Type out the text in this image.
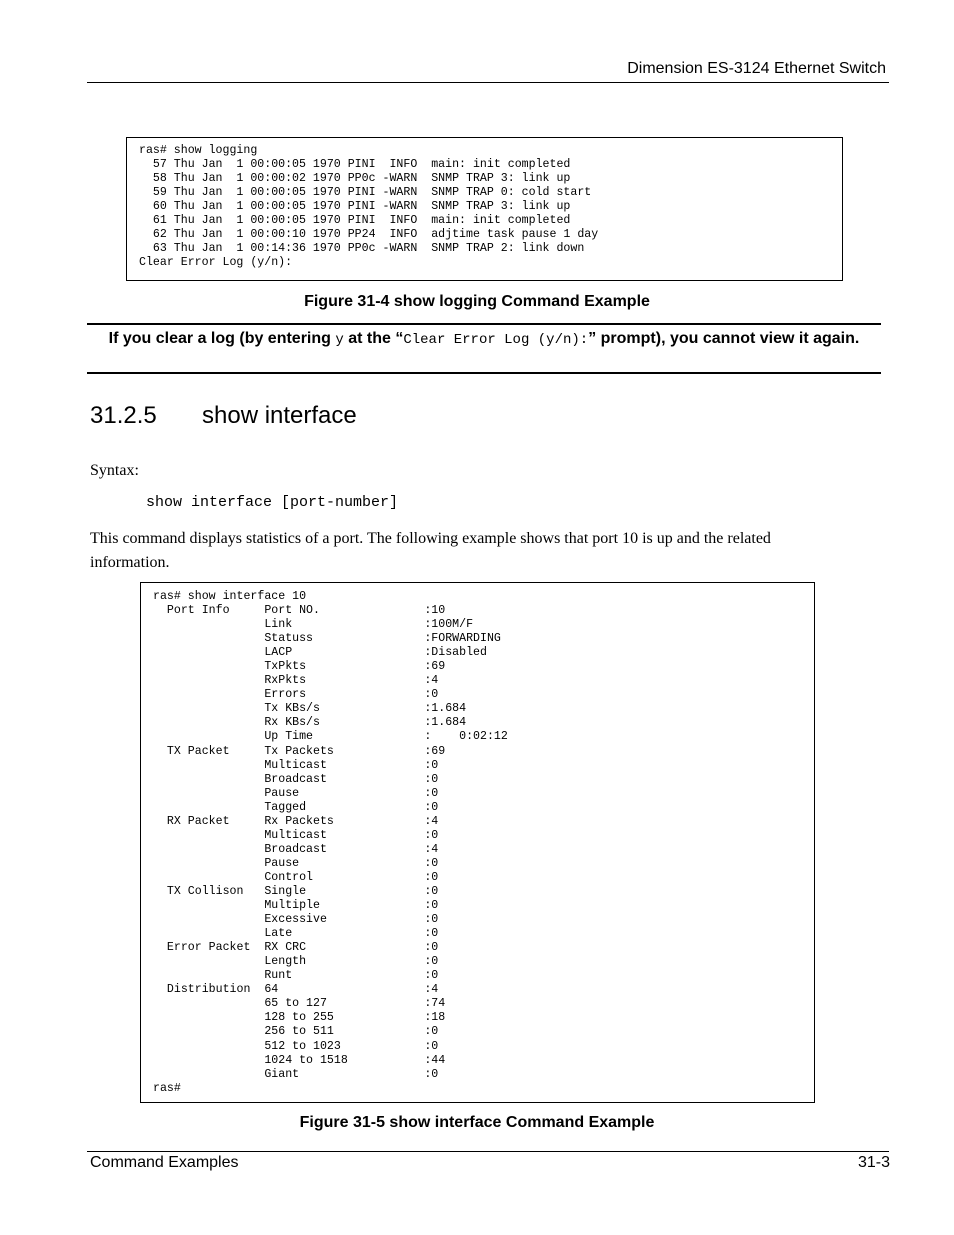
Dimension ES-3124 Ethernet Switch
ras# show logging
57 Thu Jan  1 00:00:05 1970 PINI  INFO  main: init completed
58 Thu Jan  1 00:00:02 1970 PP0c -WARN  SNMP TRAP 3: link up
59 Thu Jan  1 00:00:05 1970 PINI -WARN  SNMP TRAP 0: cold start
60 Thu Jan  1 00:00:05 1970 PINI -WARN  SNMP TRAP 3: link up
61 Thu Jan  1 00:00:05 1970 PINI  INFO  main: init completed
62 Thu Jan  1 00:00:10 1970 PP24  INFO  adjtime task pause 1 day
63 Thu Jan  1 00:14:36 1970 PP0c -WARN  SNMP TRAP 2: link down
Clear Error Log (y/n):
Figure 31-4 show logging Command Example
If you clear a log (by entering y at the “Clear Error Log (y/n):” prompt), you cannot view it again.
31.2.5 show interface
Syntax:
show interface [port-number]
This command displays statistics of a port. The following example shows that port 10 is up and the related information.
ras# show interface 10
Port Info     Port NO.               :10
Link                   :100M/F
Statuss                :FORWARDING
LACP                   :Disabled
TxPkts                 :69
RxPkts                 :4
Errors                 :0
Tx KBs/s               :1.684
Rx KBs/s               :1.684
Up Time                :    0:02:12
TX Packet     Tx Packets             :69
Multicast              :0
Broadcast              :0
Pause                  :0
Tagged                 :0
RX Packet     Rx Packets             :4
Multicast              :0
Broadcast              :4
Pause                  :0
Control                :0
TX Collison   Single                 :0
Multiple               :0
Excessive              :0
Late                   :0
Error Packet  RX CRC                 :0
Length                 :0
Runt                   :0
Distribution  64                     :4
65 to 127              :74
128 to 255             :18
256 to 511             :0
512 to 1023            :0
1024 to 1518           :44
Giant                  :0
ras#
Figure 31-5 show interface Command Example
Command Examples	31-3
